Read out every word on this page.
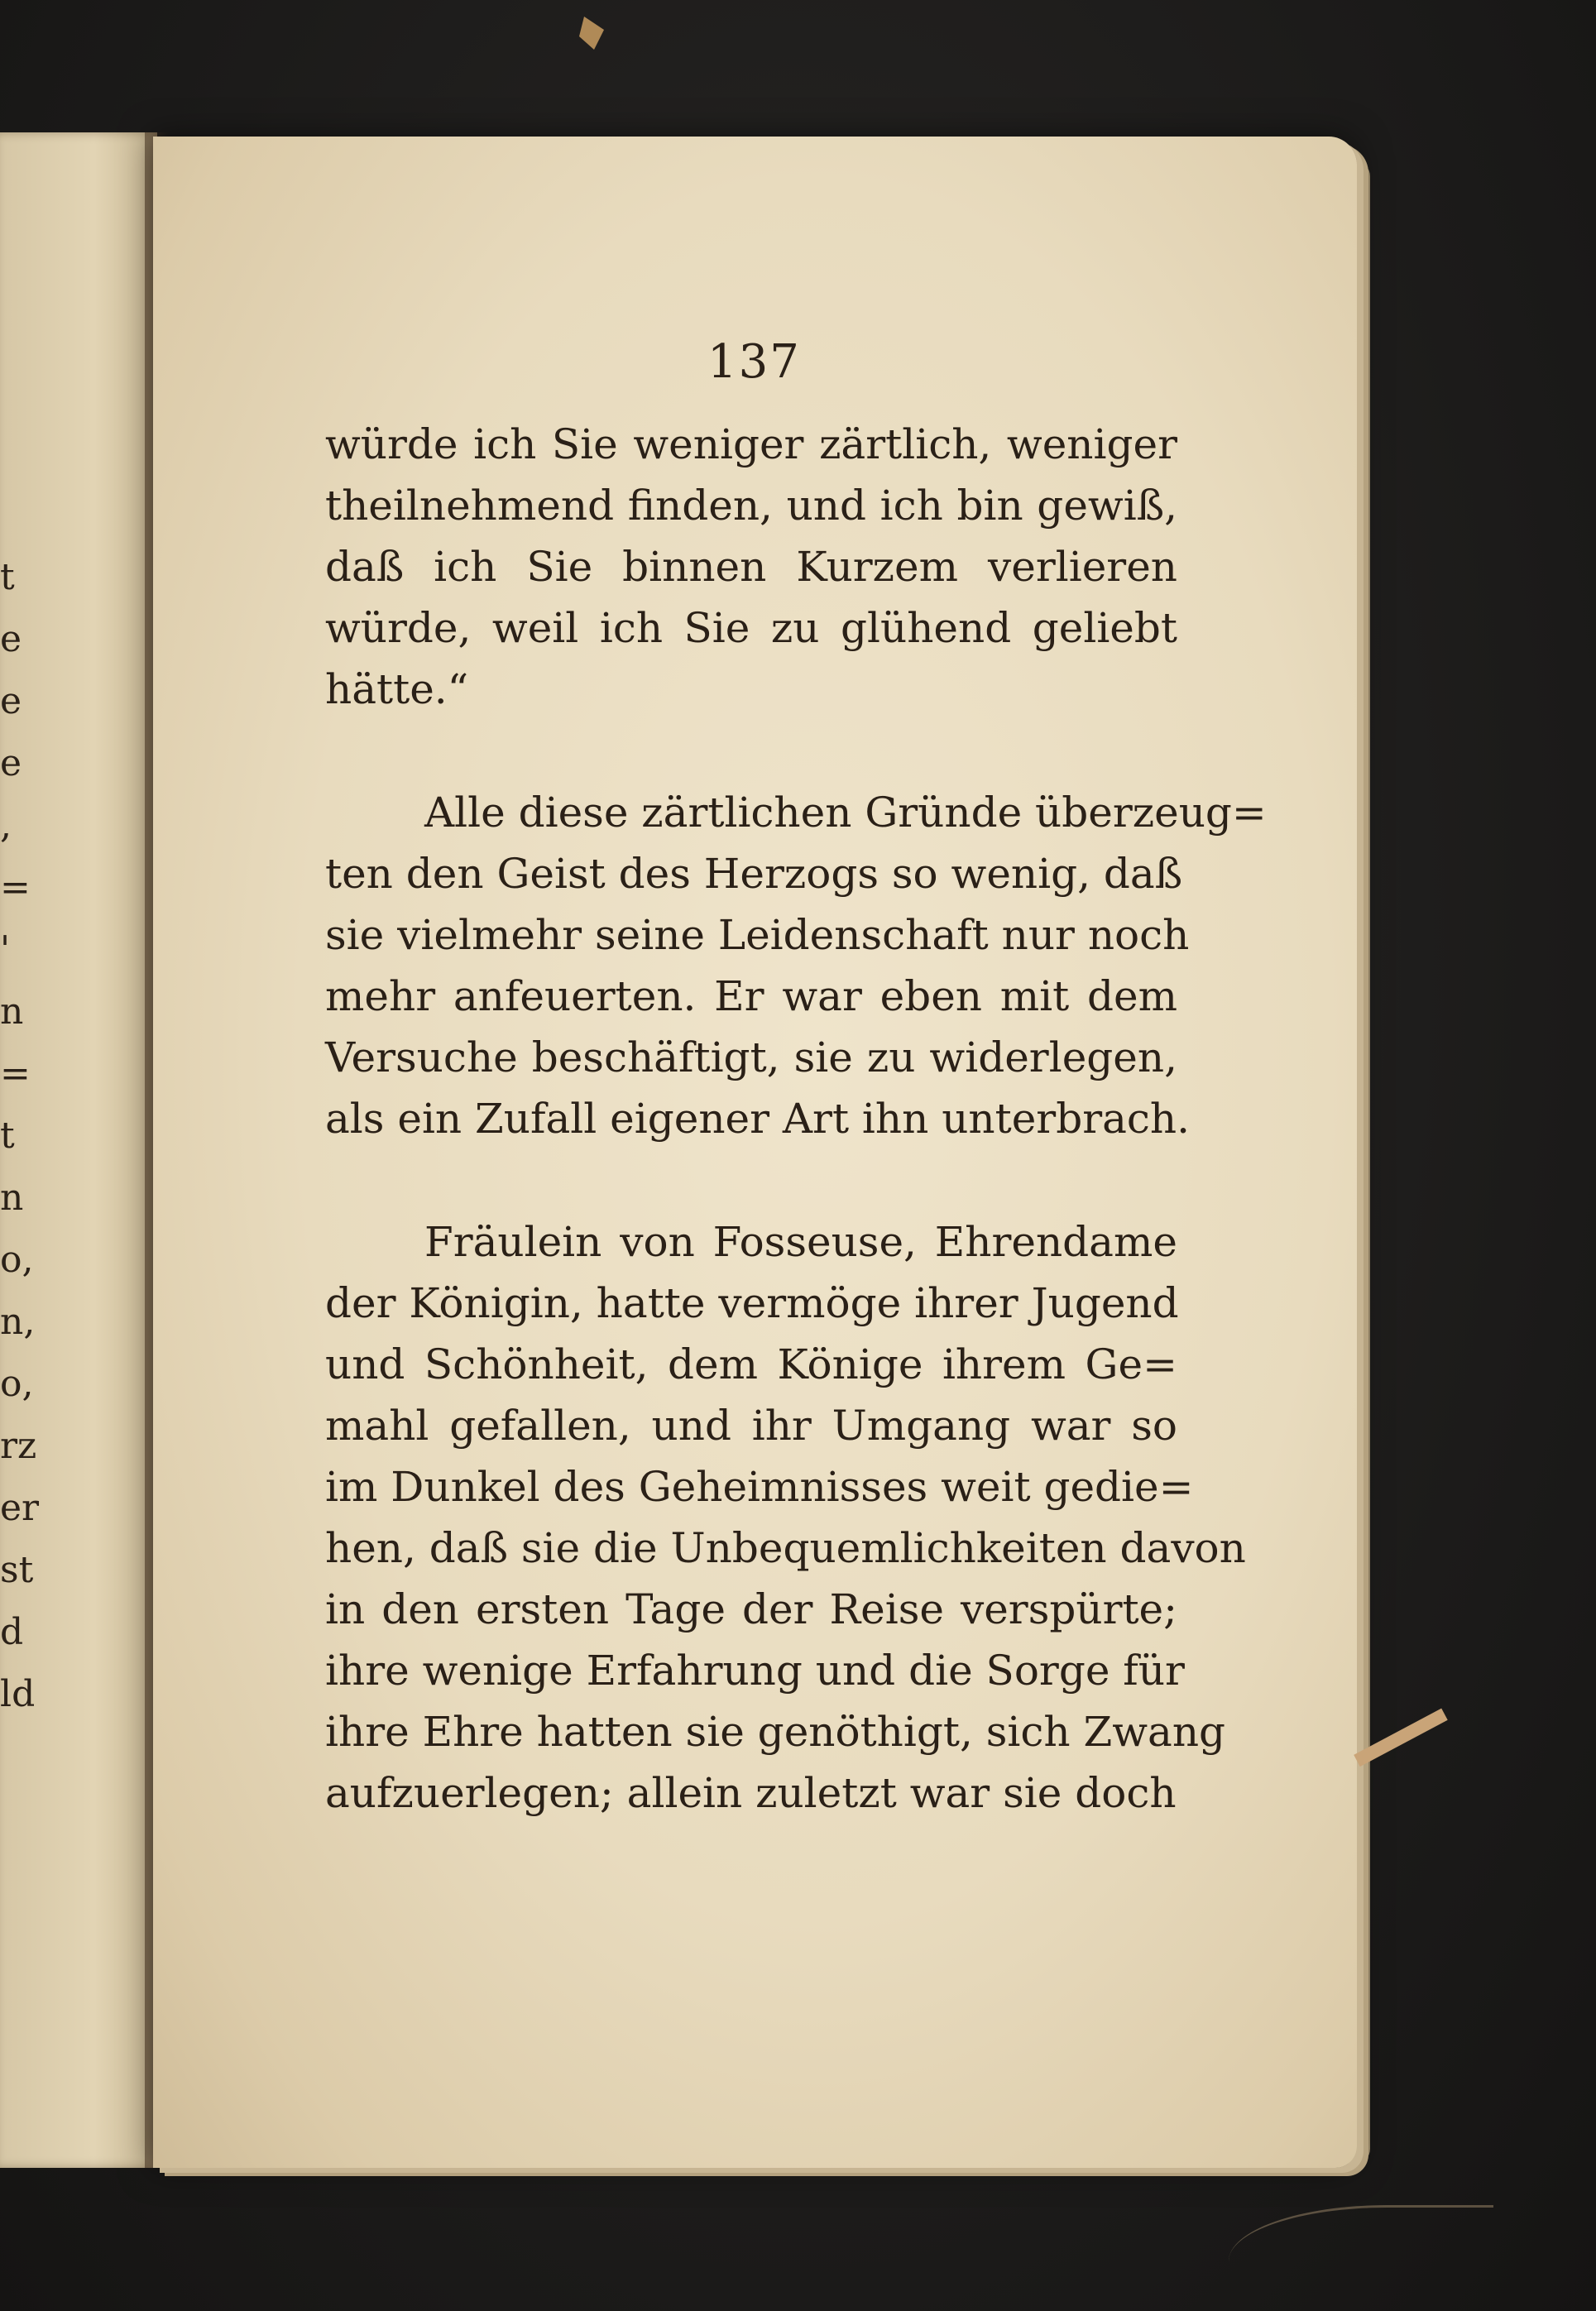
t
e
e
e
,
=
'
n
=
t
n
o,
n,
o,
rz
er
st
d
ld
137
würde ich Sie weniger zärtlich, weniger
theilnehmend finden, und ich bin gewiß,
daß ich Sie binnen Kurzem verlieren
würde, weil ich Sie zu glühend geliebt
hätte.“
Alle diese zärtlichen Gründe überzeug=
ten den Geist des Herzogs so wenig, daß
sie vielmehr seine Leidenschaft nur noch
mehr anfeuerten. Er war eben mit dem
Versuche beschäftigt, sie zu widerlegen,
als ein Zufall eigener Art ihn unterbrach.
Fräulein von Fosseuse, Ehrendame
der Königin, hatte vermöge ihrer Jugend
und Schönheit, dem Könige ihrem Ge=
mahl gefallen, und ihr Umgang war so
im Dunkel des Geheimnisses weit gedie=
hen, daß sie die Unbequemlichkeiten davon
in den ersten Tage der Reise verspürte;
ihre wenige Erfahrung und die Sorge für
ihre Ehre hatten sie genöthigt, sich Zwang
aufzuerlegen; allein zuletzt war sie doch
